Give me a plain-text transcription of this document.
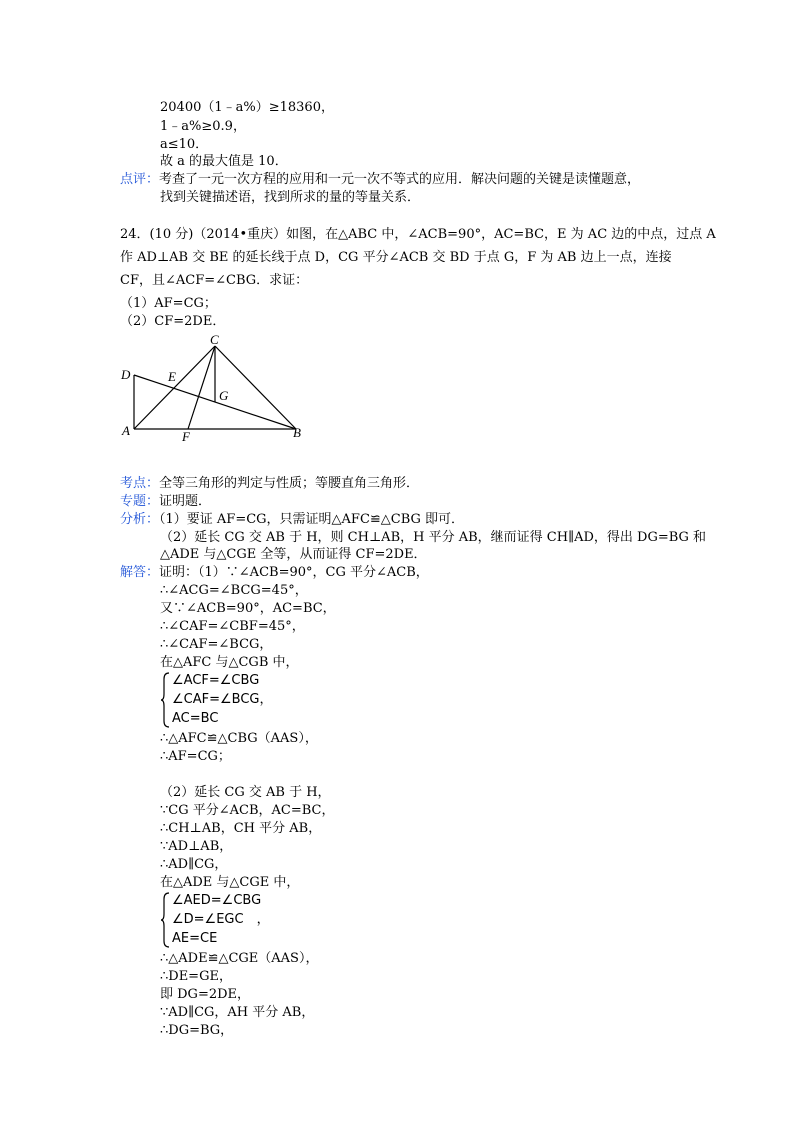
20400（1﹣a%）≥18360，
1﹣a%≥0.9，
a≤10．
故 a 的最大值是 10．
点评：考查了一元一次方程的应用和一元一次不等式的应用．解决问题的关键是读懂题意，
找到关键描述语，找到所求的量的等量关系．
24．(10 分)（2014•重庆）如图，在△ABC 中，∠ACB=90°，AC=BC，E 为 AC 边的中点，过点 A
作 AD⊥AB 交 BE 的延长线于点 D，CG 平分∠ACB 交 BD 于点 G，F 为 AB 边上一点，连接
CF，且∠ACF=∠CBG．求证：
（1）AF=CG；
（2）CF=2DE．
C
D	E
G
A	F	B
考点：全等三角形的判定与性质；等腰直角三角形．
专题：证明题．
分析：（1）要证 AF=CG，只需证明△AFC≌△CBG 即可．
（2）延长 CG 交 AB 于 H，则 CH⊥AB，H 平分 AB，继而证得 CH∥AD，得出 DG=BG 和
△ADE 与△CGE 全等，从而证得 CF=2DE．
解答：证明：（1）∵∠ACB=90°，CG 平分∠ACB，
∴∠ACG=∠BCG=45°，
又∵∠ACB=90°，AC=BC，
∴∠CAF=∠CBF=45°，
∴∠CAF=∠BCG，
在△AFC 与△CGB 中，
∠ACF=∠CBG
∠CAF=∠BCG，
AC=BC
∴△AFC≌△CBG（AAS），
∴AF=CG；
（2）延长 CG 交 AB 于 H，
∵CG 平分∠ACB，AC=BC，
∴CH⊥AB，CH 平分 AB，
∵AD⊥AB，
∴AD∥CG，
在△ADE 与△CGE 中，
∠AED=∠CBG
∠D=∠EGC　，
AE=CE
∴△ADE≌△CGE（AAS），
∴DE=GE，
即 DG=2DE，
∵AD∥CG，AH 平分 AB，
∴DG=BG，
